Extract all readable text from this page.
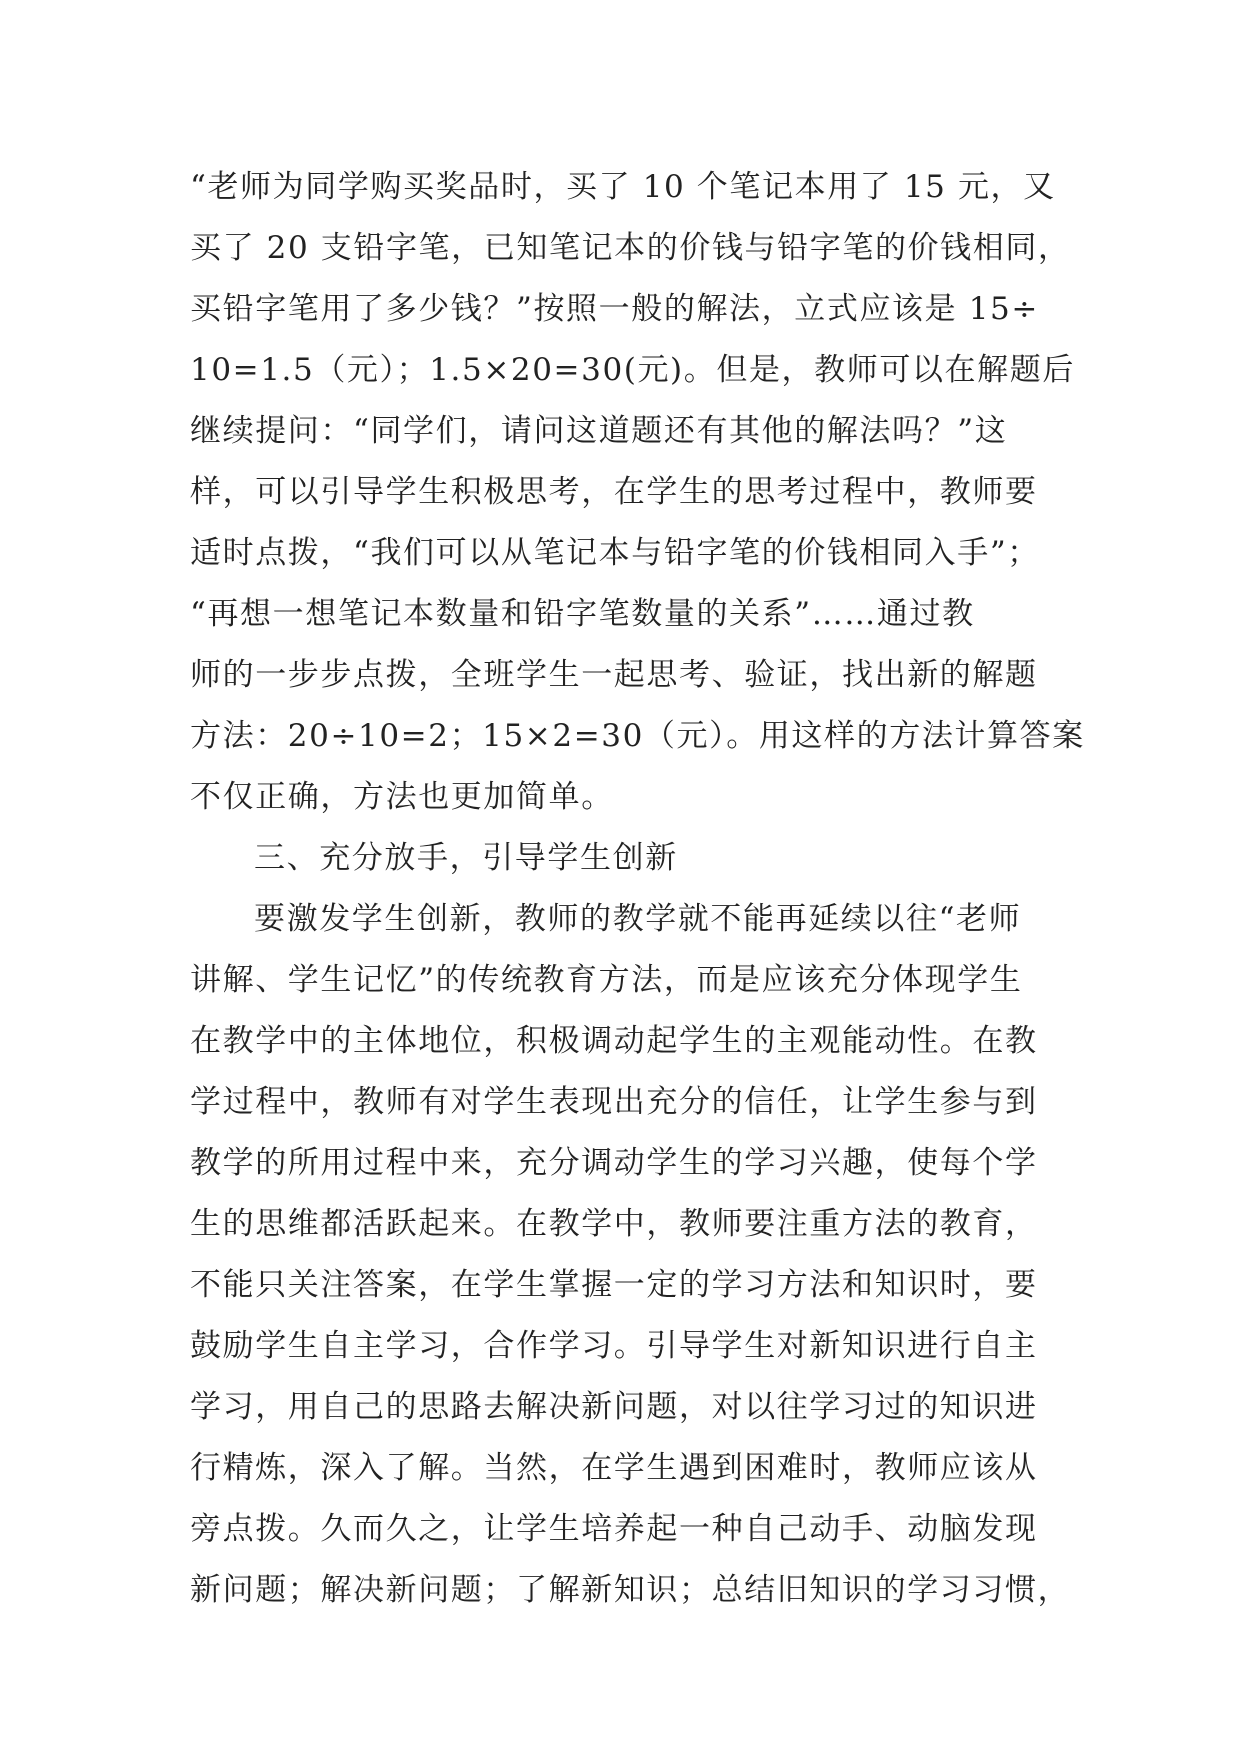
“老师为同学购买奖品时，买了 10 个笔记本用了 15 元，又
买了 20 支铅字笔，已知笔记本的价钱与铅字笔的价钱相同，
买铅字笔用了多少钱？”按照一般的解法，立式应该是 15÷
10=1.5（元）；1.5×20=30(元)。但是，教师可以在解题后
继续提问：“同学们，请问这道题还有其他的解法吗？”这
样，可以引导学生积极思考，在学生的思考过程中，教师要
适时点拨，“我们可以从笔记本与铅字笔的价钱相同入手”；
“再想一想笔记本数量和铅字笔数量的关系”……通过教
师的一步步点拨，全班学生一起思考、验证，找出新的解题
方法：20÷10=2；15×2=30（元）。用这样的方法计算答案
不仅正确，方法也更加简单。
三、充分放手，引导学生创新
要激发学生创新，教师的教学就不能再延续以往“老师
讲解、学生记忆”的传统教育方法，而是应该充分体现学生
在教学中的主体地位，积极调动起学生的主观能动性。在教
学过程中，教师有对学生表现出充分的信任，让学生参与到
教学的所用过程中来，充分调动学生的学习兴趣，使每个学
生的思维都活跃起来。在教学中，教师要注重方法的教育，
不能只关注答案，在学生掌握一定的学习方法和知识时，要
鼓励学生自主学习，合作学习。引导学生对新知识进行自主
学习，用自己的思路去解决新问题，对以往学习过的知识进
行精炼，深入了解。当然，在学生遇到困难时，教师应该从
旁点拨。久而久之，让学生培养起一种自己动手、动脑发现
新问题；解决新问题；了解新知识；总结旧知识的学习习惯，
